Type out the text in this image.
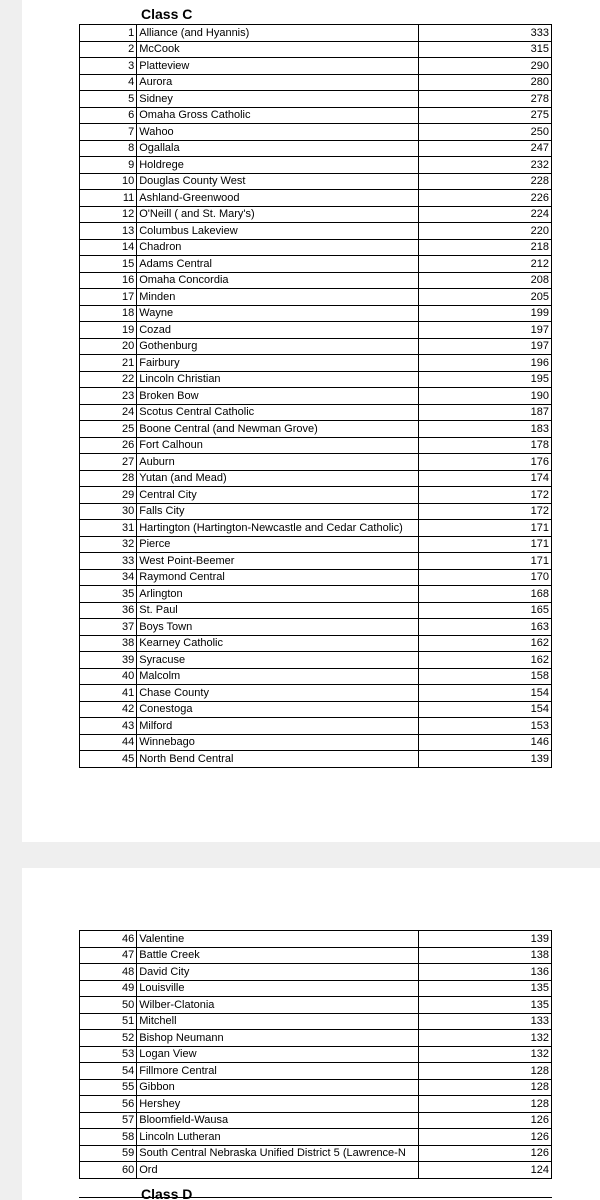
Class C
1	Alliance (and Hyannis)	333
2	McCook	315
3	Platteview	290
4	Aurora	280
5	Sidney	278
6	Omaha Gross Catholic	275
7	Wahoo	250
8	Ogallala	247
9	Holdrege	232
10	Douglas County West	228
11	Ashland-Greenwood	226
12	O'Neill ( and St. Mary's)	224
13	Columbus Lakeview	220
14	Chadron	218
15	Adams Central	212
16	Omaha Concordia	208
17	Minden	205
18	Wayne	199
19	Cozad	197
20	Gothenburg	197
21	Fairbury	196
22	Lincoln Christian	195
23	Broken Bow	190
24	Scotus Central Catholic	187
25	Boone Central (and Newman Grove)	183
26	Fort Calhoun	178
27	Auburn	176
28	Yutan (and Mead)	174
29	Central City	172
30	Falls City	172
31	Hartington (Hartington-Newcastle and Cedar Catholic)	171
32	Pierce	171
33	West Point-Beemer	171
34	Raymond Central	170
35	Arlington	168
36	St. Paul	165
37	Boys Town	163
38	Kearney Catholic	162
39	Syracuse	162
40	Malcolm	158
41	Chase County	154
42	Conestoga	154
43	Milford	153
44	Winnebago	146
45	North Bend Central	139
46	Valentine	139
47	Battle Creek	138
48	David City	136
49	Louisville	135
50	Wilber-Clatonia	135
51	Mitchell	133
52	Bishop Neumann	132
53	Logan View	132
54	Fillmore Central	128
55	Gibbon	128
56	Hershey	128
57	Bloomfield-Wausa	126
58	Lincoln Lutheran	126
59	South Central Nebraska Unified District 5 (Lawrence-N	126
60	Ord	124
Class D
